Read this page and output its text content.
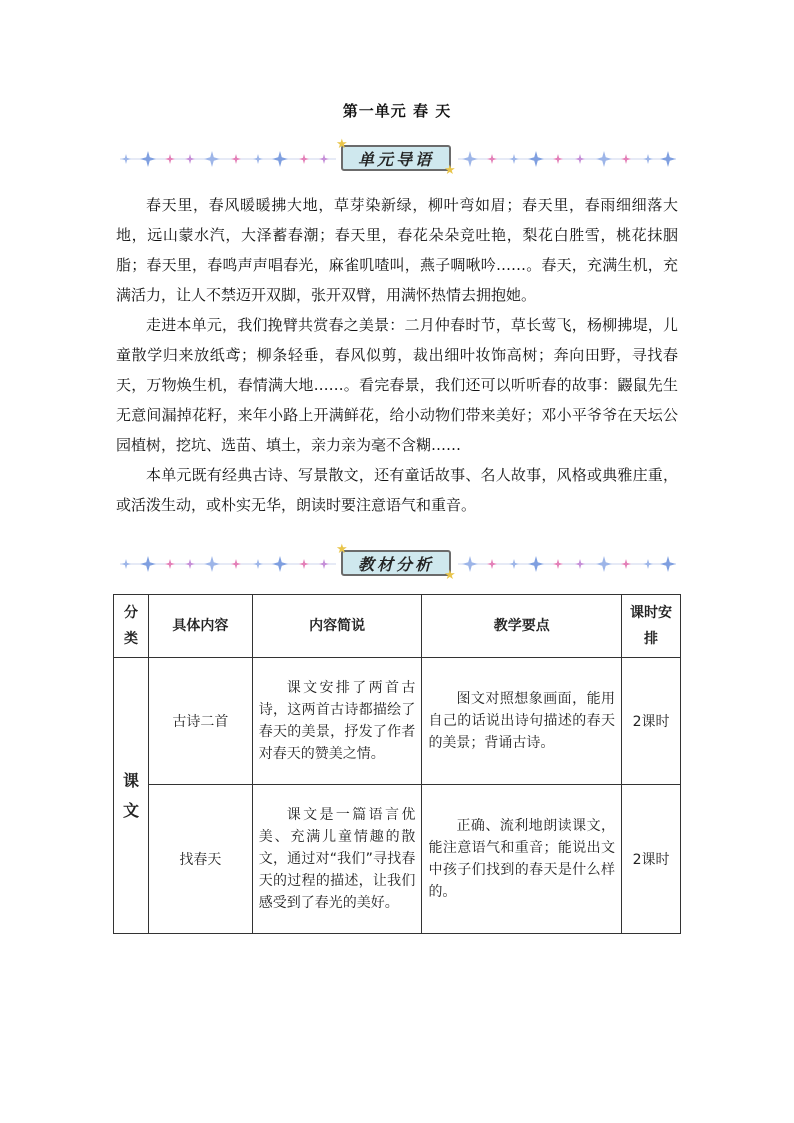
第一单元 春 天
单元导语
★
★

春天里，春风暖暖拂大地，草芽染新绿，柳叶弯如眉；春天里，春雨细细落大地，远山蒙水汽，大泽蓄春潮；春天里，春花朵朵竞吐艳，梨花白胜雪，桃花抹胭脂；春天里，春鸣声声唱春光，麻雀叽喳叫，燕子啁啾吟……。春天，充满生机，充满活力，让人不禁迈开双脚，张开双臂，用满怀热情去拥抱她。

走进本单元，我们挽臂共赏春之美景：二月仲春时节，草长莺飞，杨柳拂堤，儿童散学归来放纸鸢；柳条轻垂，春风似剪，裁出细叶妆饰高树；奔向田野，寻找春天，万物焕生机，春情满大地……。看完春景，我们还可以听听春的故事：鼹鼠先生无意间漏掉花籽，来年小路上开满鲜花，给小动物们带来美好；邓小平爷爷在天坛公园植树，挖坑、选苗、填土，亲力亲为毫不含糊……

本单元既有经典古诗、写景散文，还有童话故事、名人故事，风格或典雅庄重，或活泼生动，或朴实无华，朗读时要注意语气和重音。

教材分析
★
★
分类	具体内容	内容简说	教学要点	课时安排
课文	古诗二首	课文安排了两首古诗，这两首古诗都描绘了春天的美景，抒发了作者对春天的赞美之情。	图文对照想象画面，能用自己的话说出诗句描述的春天的美景；背诵古诗。	2课时
	找春天	课文是一篇语言优美、充满儿童情趣的散文，通过对“我们”寻找春天的过程的描述，让我们感受到了春光的美好。	正确、流利地朗读课文，能注意语气和重音；能说出文中孩子们找到的春天是什么样的。	2课时
